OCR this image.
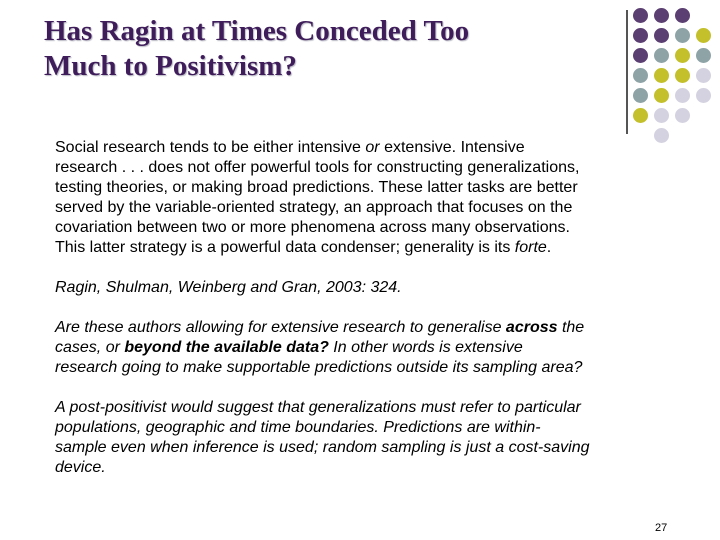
Has Ragin at Times Conceded Too
Much to Positivism?

Social research tends to be either intensive or extensive. Intensive
research . . . does not offer powerful tools for constructing generalizations,
testing theories, or making broad predictions. These latter tasks are better
served by the variable-oriented strategy, an approach that focuses on the
covariation between two or more phenomena across many observations.
This latter strategy is a powerful data condenser; generality is its forte.

Ragin, Shulman, Weinberg and Gran, 2003: 324.

Are these authors allowing for extensive research to generalise across the
cases, or beyond the available data? In other words is extensive
research going to make supportable predictions outside its sampling area?

A post-positivist would suggest that generalizations must refer to particular
populations, geographic and time boundaries. Predictions are within-
sample even when inference is used; random sampling is just a cost-saving
device.

27
